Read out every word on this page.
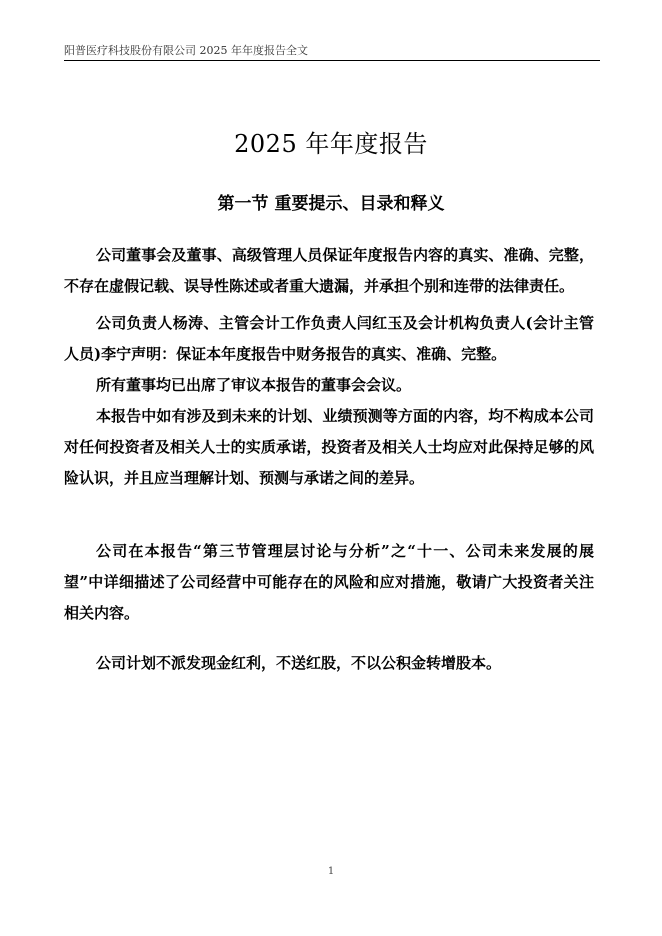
阳普医疗科技股份有限公司 2025 年年度报告全文
2025 年年度报告
第一节 重要提示、目录和释义

公司董事会及董事、高级管理人员保证年度报告内容的真实、准确、完整，不存在虚假记载、误导性陈述或者重大遗漏，并承担个别和连带的法律责任。

公司负责人杨涛、主管会计工作负责人闫红玉及会计机构负责人(会计主管人员)李宁声明：保证本年度报告中财务报告的真实、准确、完整。

所有董事均已出席了审议本报告的董事会会议。

本报告中如有涉及到未来的计划、业绩预测等方面的内容，均不构成本公司对任何投资者及相关人士的实质承诺，投资者及相关人士均应对此保持足够的风险认识，并且应当理解计划、预测与承诺之间的差异。

公司在本报告“第三节管理层讨论与分析”之“十一、公司未来发展的展望”中详细描述了公司经营中可能存在的风险和应对措施，敬请广大投资者关注相关内容。

公司计划不派发现金红利，不送红股，不以公积金转增股本。

1
